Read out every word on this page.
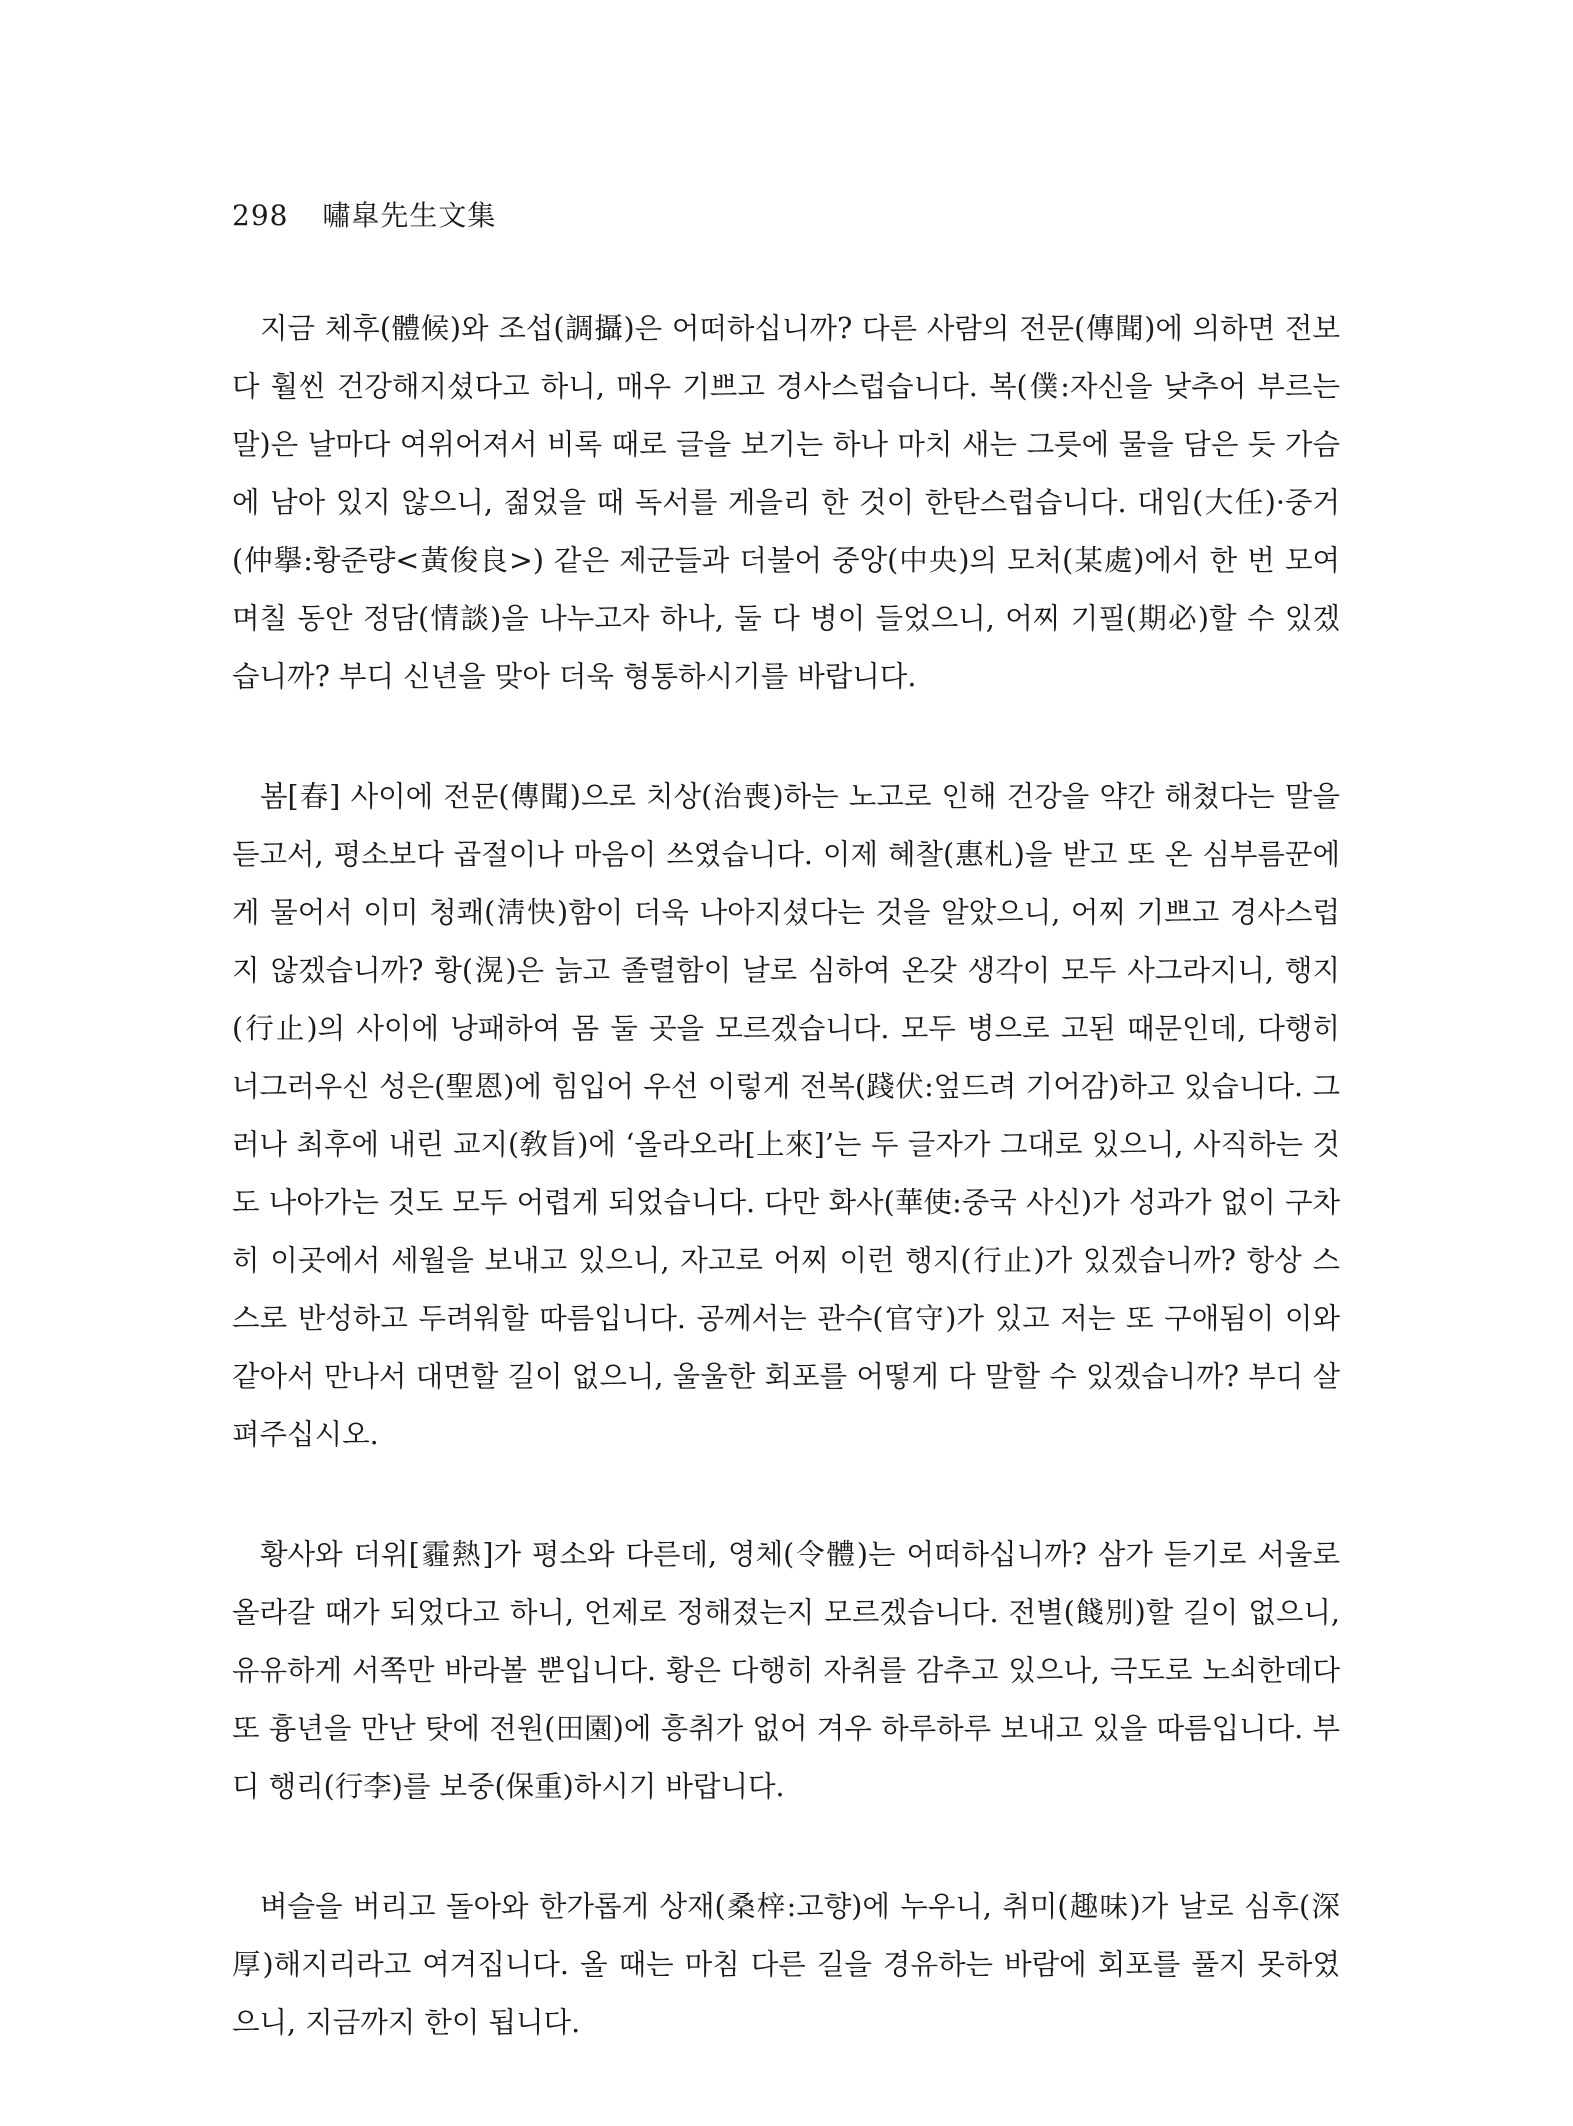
298 嘯皐先生文集

지금 체후(體候)와 조섭(調攝)은 어떠하십니까? 다른 사람의 전문(傳聞)에 의하면 전보다 훨씬 건강해지셨다고 하니, 매우 기쁘고 경사스럽습니다. 복(僕:자신을 낮추어 부르는 말)은 날마다 여위어져서 비록 때로 글을 보기는 하나 마치 새는 그릇에 물을 담은 듯 가슴에 남아 있지 않으니, 젊었을 때 독서를 게을리 한 것이 한탄스럽습니다. 대임(大任)·중거(仲擧:황준량<黃俊良>) 같은 제군들과 더불어 중앙(中央)의 모처(某處)에서 한 번 모여 며칠 동안 정담(情談)을 나누고자 하나, 둘 다 병이 들었으니, 어찌 기필(期必)할 수 있겠습니까? 부디 신년을 맞아 더욱 형통하시기를 바랍니다.

봄[春] 사이에 전문(傳聞)으로 치상(治喪)하는 노고로 인해 건강을 약간 해쳤다는 말을 듣고서, 평소보다 곱절이나 마음이 쓰였습니다. 이제 혜찰(惠札)을 받고 또 온 심부름꾼에게 물어서 이미 청쾌(淸快)함이 더욱 나아지셨다는 것을 알았으니, 어찌 기쁘고 경사스럽지 않겠습니까? 황(滉)은 늙고 졸렬함이 날로 심하여 온갖 생각이 모두 사그라지니, 행지(行止)의 사이에 낭패하여 몸 둘 곳을 모르겠습니다. 모두 병으로 고된 때문인데, 다행히 너그러우신 성은(聖恩)에 힘입어 우선 이렇게 전복(踐伏:엎드려 기어감)하고 있습니다. 그러나 최후에 내린 교지(敎旨)에 ‘올라오라[上來]’는 두 글자가 그대로 있으니, 사직하는 것도 나아가는 것도 모두 어렵게 되었습니다. 다만 화사(華使:중국 사신)가 성과가 없이 구차히 이곳에서 세월을 보내고 있으니, 자고로 어찌 이런 행지(行止)가 있겠습니까? 항상 스스로 반성하고 두려워할 따름입니다. 공께서는 관수(官守)가 있고 저는 또 구애됨이 이와 같아서 만나서 대면할 길이 없으니, 울울한 회포를 어떻게 다 말할 수 있겠습니까? 부디 살펴주십시오.

황사와 더위[霾熱]가 평소와 다른데, 영체(令體)는 어떠하십니까? 삼가 듣기로 서울로 올라갈 때가 되었다고 하니, 언제로 정해졌는지 모르겠습니다. 전별(餞別)할 길이 없으니, 유유하게 서쪽만 바라볼 뿐입니다. 황은 다행히 자취를 감추고 있으나, 극도로 노쇠한데다 또 흉년을 만난 탓에 전원(田園)에 흥취가 없어 겨우 하루하루 보내고 있을 따름입니다. 부디 행리(行李)를 보중(保重)하시기 바랍니다.

벼슬을 버리고 돌아와 한가롭게 상재(桑梓:고향)에 누우니, 취미(趣味)가 날로 심후(深厚)해지리라고 여겨집니다. 올 때는 마침 다른 길을 경유하는 바람에 회포를 풀지 못하였으니, 지금까지 한이 됩니다.
